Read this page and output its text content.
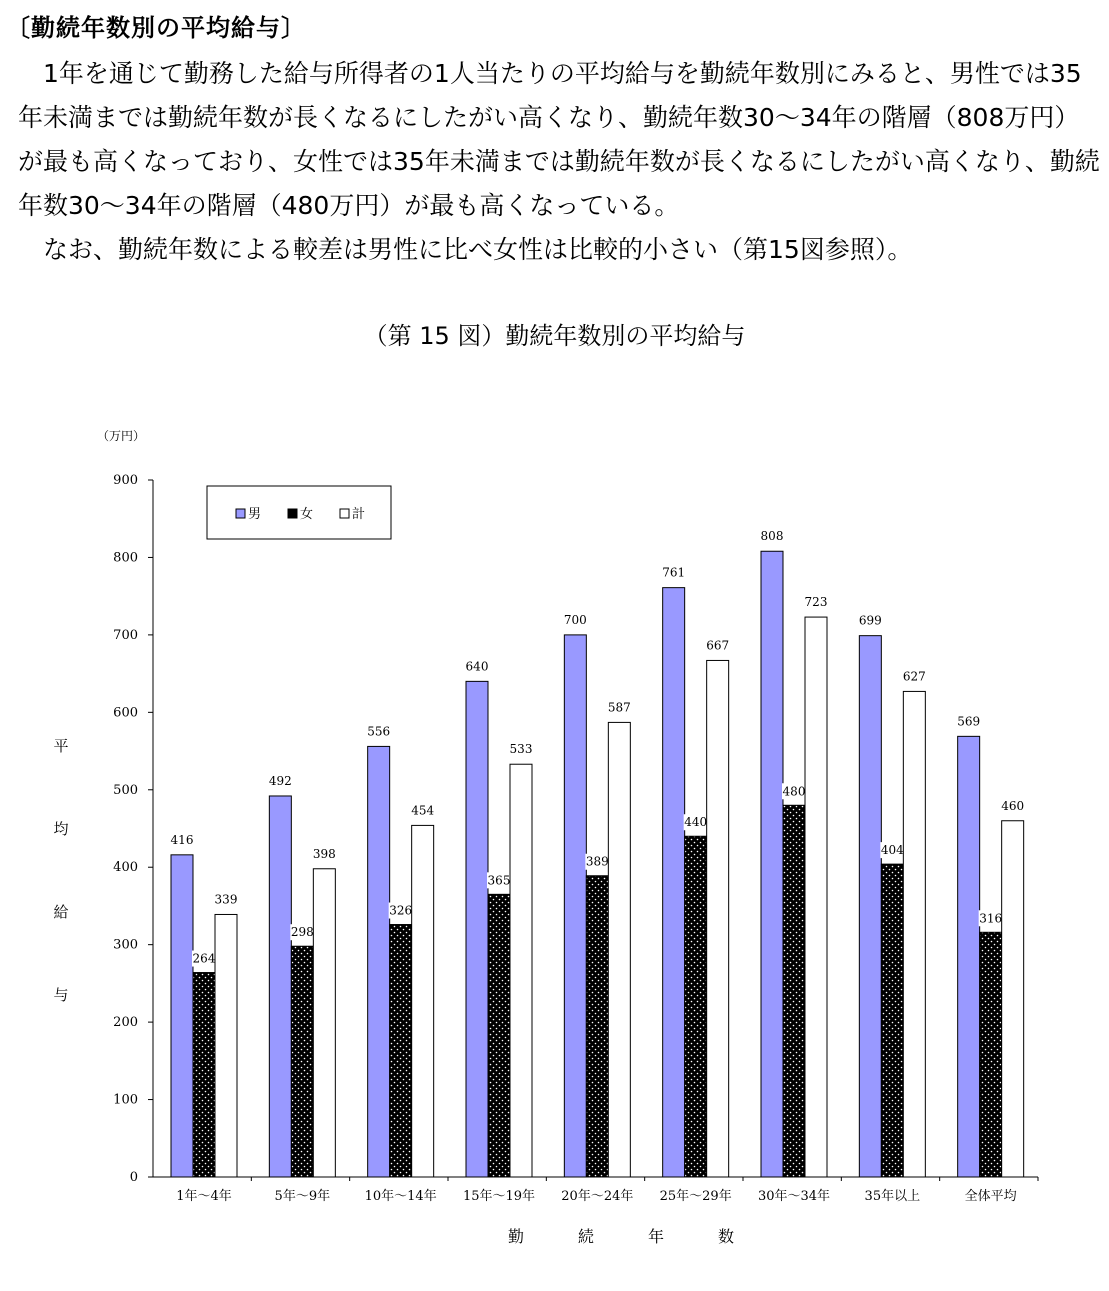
〔勤続年数別の平均給与〕

1年を通じて勤務した給与所得者の1人当たりの平均給与を勤続年数別にみると、男性では35年未満までは勤続年数が長くなるにしたがい高くなり、勤続年数30〜34年の階層（808万円）が最も高くなっており、女性では35年未満までは勤続年数が長くなるにしたがい高くなり、勤続年数30〜34年の階層（480万円）が最も高くなっている。

なお、勤続年数による較差は男性に比べ女性は比較的小さい（第15図参照）。

（第 15 図）勤続年数別の平均給与
0
100
200
300
400
500
600
700
800
900
（万円）
平
均
給
与
勤	続	年	数
416
264
339
1年〜4年
492
298
398
5年〜9年
556
326
454
10年〜14年
640
365
533
15年〜19年
700
389
587
20年〜24年
761
440
667
25年〜29年
808
480
723
30年〜34年
699
404
627
35年以上
569
316
460
全体平均
男	女	計
